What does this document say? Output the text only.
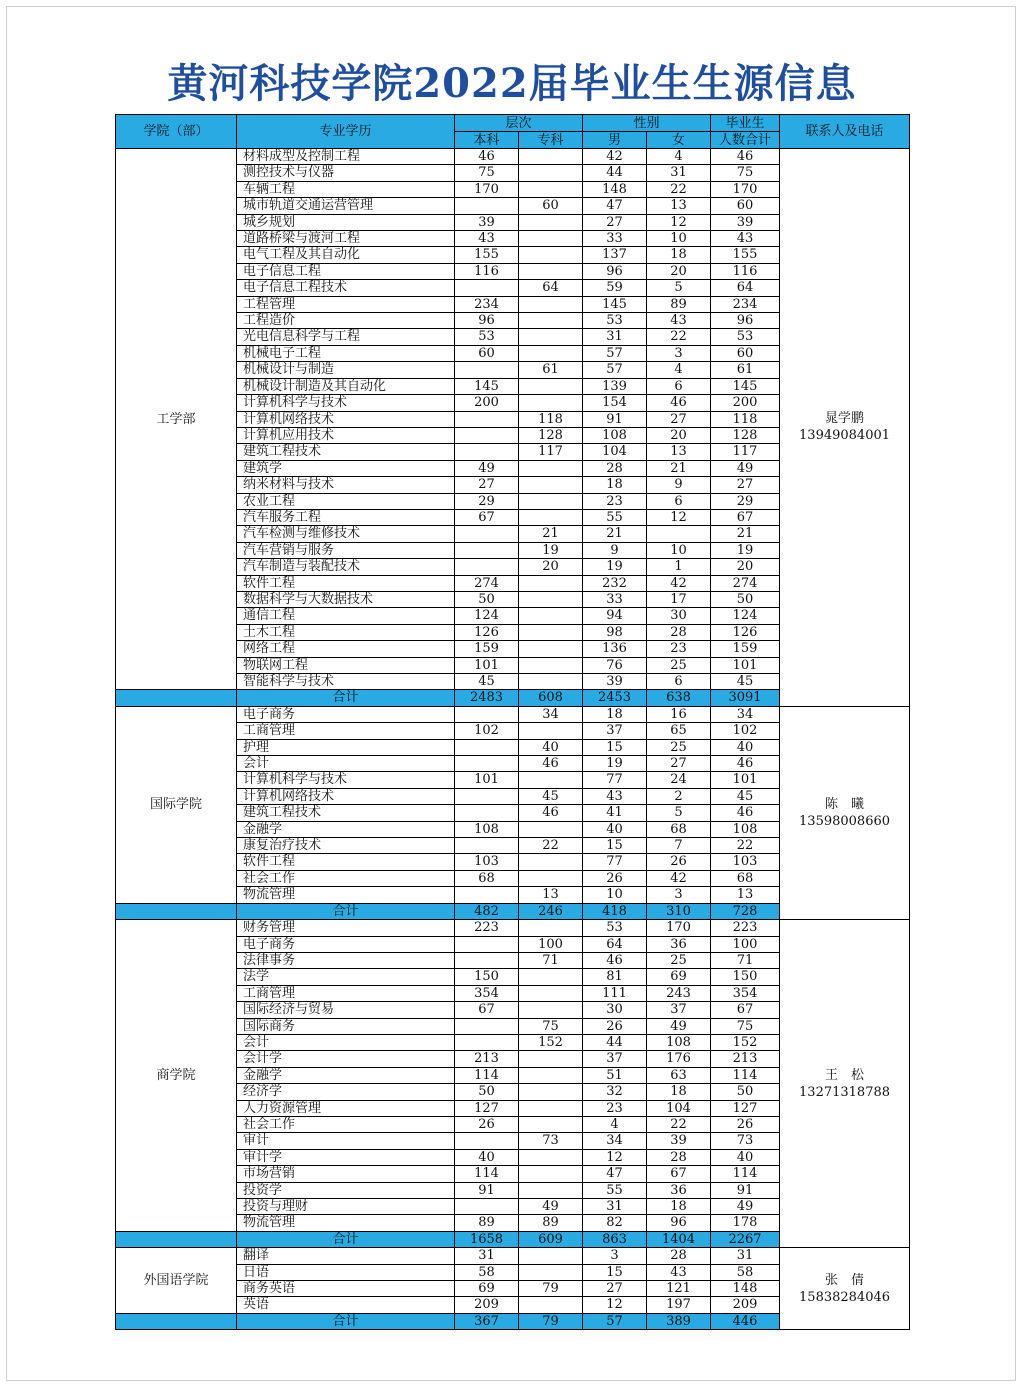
黄河科技学院2022届毕业生生源信息
学院（部）	专业学历	层次		性别		毕业生	联系人及电话
		本科	专科	男	女	人数合计	
工学部	材料成型及控制工程	46		42	4	46	晁学鹏
13949084001

	测控技术与仪器	75		44	31	75	
	车辆工程	170		148	22	170	
	城市轨道交通运营管理		60	47	13	60	
	城乡规划	39		27	12	39	
	道路桥梁与渡河工程	43		33	10	43	
	电气工程及其自动化	155		137	18	155	
	电子信息工程	116		96	20	116	
	电子信息工程技术		64	59	5	64	
	工程管理	234		145	89	234	
	工程造价	96		53	43	96	
	光电信息科学与工程	53		31	22	53	
	机械电子工程	60		57	3	60	
	机械设计与制造		61	57	4	61	
	机械设计制造及其自动化	145		139	6	145	
	计算机科学与技术	200		154	46	200	
	计算机网络技术		118	91	27	118	
	计算机应用技术		128	108	20	128	
	建筑工程技术		117	104	13	117	
	建筑学	49		28	21	49	
	纳米材料与技术	27		18	9	27	
	农业工程	29		23	6	29	
	汽车服务工程	67		55	12	67	
	汽车检测与维修技术		21	21		21	
	汽车营销与服务		19	9	10	19	
	汽车制造与装配技术		20	19	1	20	
	软件工程	274		232	42	274	
	数据科学与大数据技术	50		33	17	50	
	通信工程	124		94	30	124	
	土木工程	126		98	28	126	
	网络工程	159		136	23	159	
	物联网工程	101		76	25	101	
	智能科学与技术	45		39	6	45	
	合计	2483	608	2453	638	3091	
国际学院	电子商务		34	18	16	34	陈　曦
13598008660

	工商管理	102		37	65	102	
	护理		40	15	25	40	
	会计		46	19	27	46	
	计算机科学与技术	101		77	24	101	
	计算机网络技术		45	43	2	45	
	建筑工程技术		46	41	5	46	
	金融学	108		40	68	108	
	康复治疗技术		22	15	7	22	
	软件工程	103		77	26	103	
	社会工作	68		26	42	68	
	物流管理		13	10	3	13	
	合计	482	246	418	310	728	
商学院	财务管理	223		53	170	223	王　松
13271318788

	电子商务		100	64	36	100	
	法律事务		71	46	25	71	
	法学	150		81	69	150	
	工商管理	354		111	243	354	
	国际经济与贸易	67		30	37	67	
	国际商务		75	26	49	75	
	会计		152	44	108	152	
	会计学	213		37	176	213	
	金融学	114		51	63	114	
	经济学	50		32	18	50	
	人力资源管理	127		23	104	127	
	社会工作	26		4	22	26	
	审计		73	34	39	73	
	审计学	40		12	28	40	
	市场营销	114		47	67	114	
	投资学	91		55	36	91	
	投资与理财		49	31	18	49	
	物流管理	89	89	82	96	178	
	合计	1658	609	863	1404	2267	
外国语学院	翻译	31		3	28	31	张　倩
15838284046

	日语	58		15	43	58	
	商务英语	69	79	27	121	148	
	英语	209		12	197	209	
	合计	367	79	57	389	446	
